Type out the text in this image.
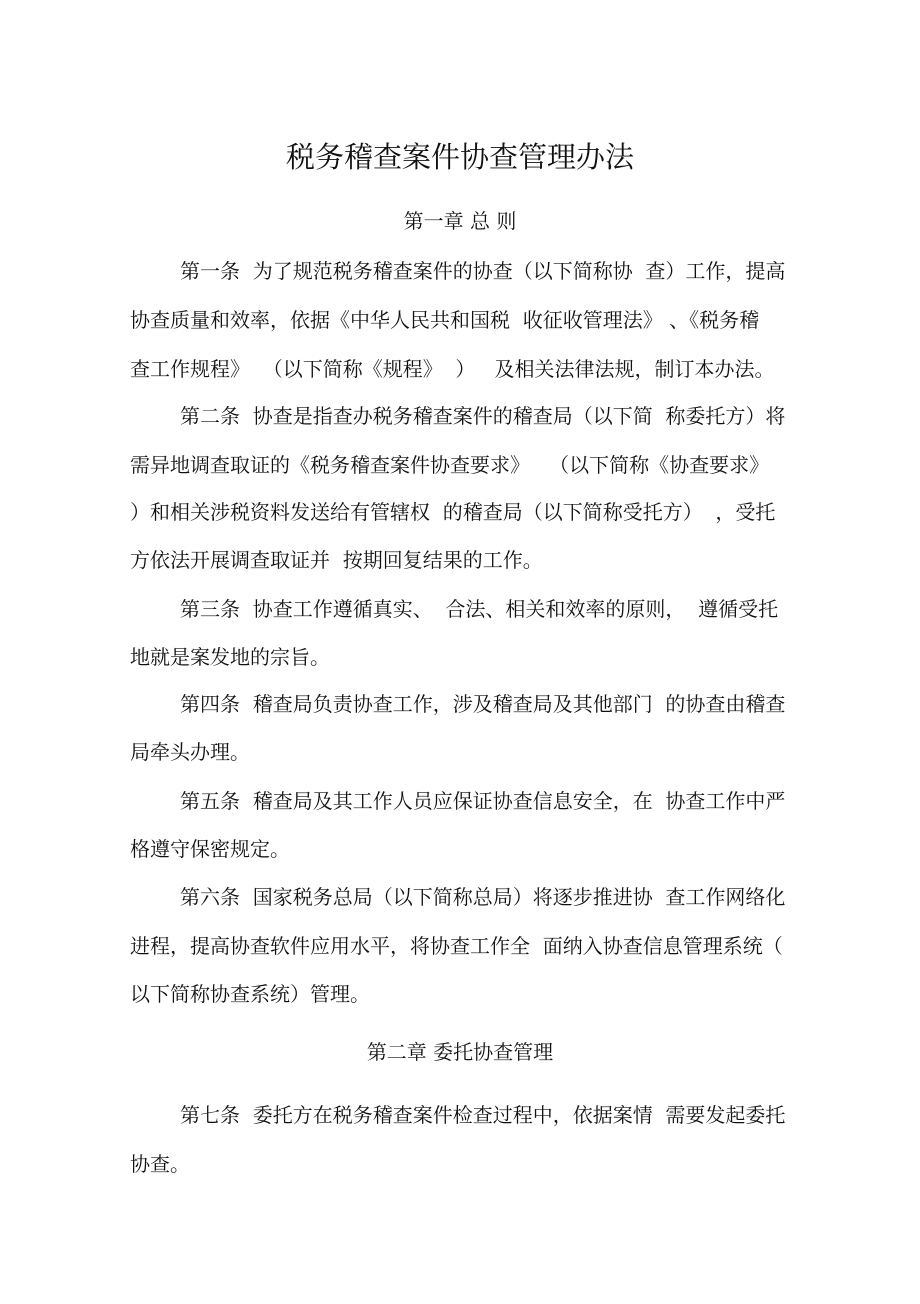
税务稽查案件协查管理办法
第一章 总 则
第一条  为了规范税务稽查案件的协查（以下简称协  查）工作，提高
协查质量和效率，依据《中华人民共和国税  收征收管理法》 、《税务稽
查工作规程》  （以下简称《规程》  ）   及相关法律法规，制订本办法。
第二条  协查是指查办税务稽查案件的稽查局（以下简  称委托方）将
需异地调查取证的《税务稽查案件协查要求》   （以下简称《协查要求》
）和相关涉税资料发送给有管辖权  的稽查局（以下简称受托方）  ，受托
方依法开展调查取证并  按期回复结果的工作。
第三条  协查工作遵循真实、  合法、相关和效率的原则，  遵循受托
地就是案发地的宗旨。
第四条  稽查局负责协查工作，涉及稽查局及其他部门  的协查由稽查
局牵头办理。
第五条  稽查局及其工作人员应保证协查信息安全，在  协查工作中严
格遵守保密规定。
第六条  国家税务总局（以下简称总局）将逐步推进协  查工作网络化
进程，提高协查软件应用水平，将协查工作全  面纳入协查信息管理系统（
以下简称协查系统）管理。
第二章 委托协查管理
第七条  委托方在税务稽查案件检查过程中，依据案情  需要发起委托
协查。
